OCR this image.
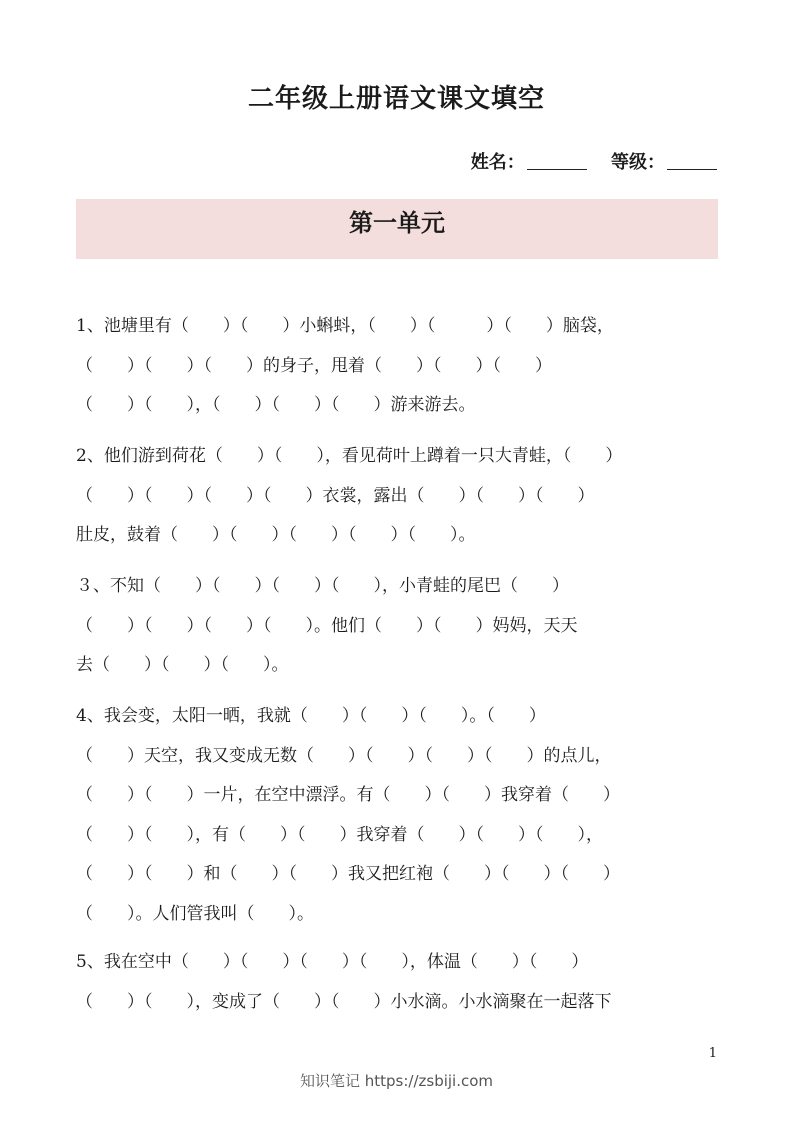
二年级上册语文课文填空
姓名：	等级：
第一单元
1、池塘里有（　　）（　　）小蝌蚪，（　　）（　　　）（　　）脑袋，
（　　）（　　）（　　）的身子，甩着（　　）（　　）（　　）
（　　）（　　），（　　）（　　）（　　）游来游去。
2、他们游到荷花（　　）（　　），看见荷叶上蹲着一只大青蛙，（　　）
（　　）（　　）（　　）（　　）衣裳，露出（　　）（　　）（　　）
肚皮，鼓着（　　）（　　）（　　）（　　）（　　）。
３、不知（　　）（　　）（　　）（　　），小青蛙的尾巴（　　）
（　　）（　　）（　　）（　　）。他们（　　）（　　）妈妈，天天
去（　　）（　　）（　　）。
4、我会变，太阳一晒，我就（　　）（　　）（　　）。（　　）
（　　）天空，我又变成无数（　　）（　　）（　　）（　　）的点儿，
（　　）（　　）一片，在空中漂浮。有（　　）（　　）我穿着（　　）
（　　）（　　），有（　　）（　　）我穿着（　　）（　　）（　　），
（　　）（　　）和（　　）（　　）我又把红袍（　　）（　　）（　　）
（　　）。人们管我叫（　　）。
5、我在空中（　　）（　　）（　　）（　　），体温（　　）（　　）
（　　）（　　），变成了（　　）（　　）小水滴。小水滴聚在一起落下
1
知识笔记 https://zsbiji.com
